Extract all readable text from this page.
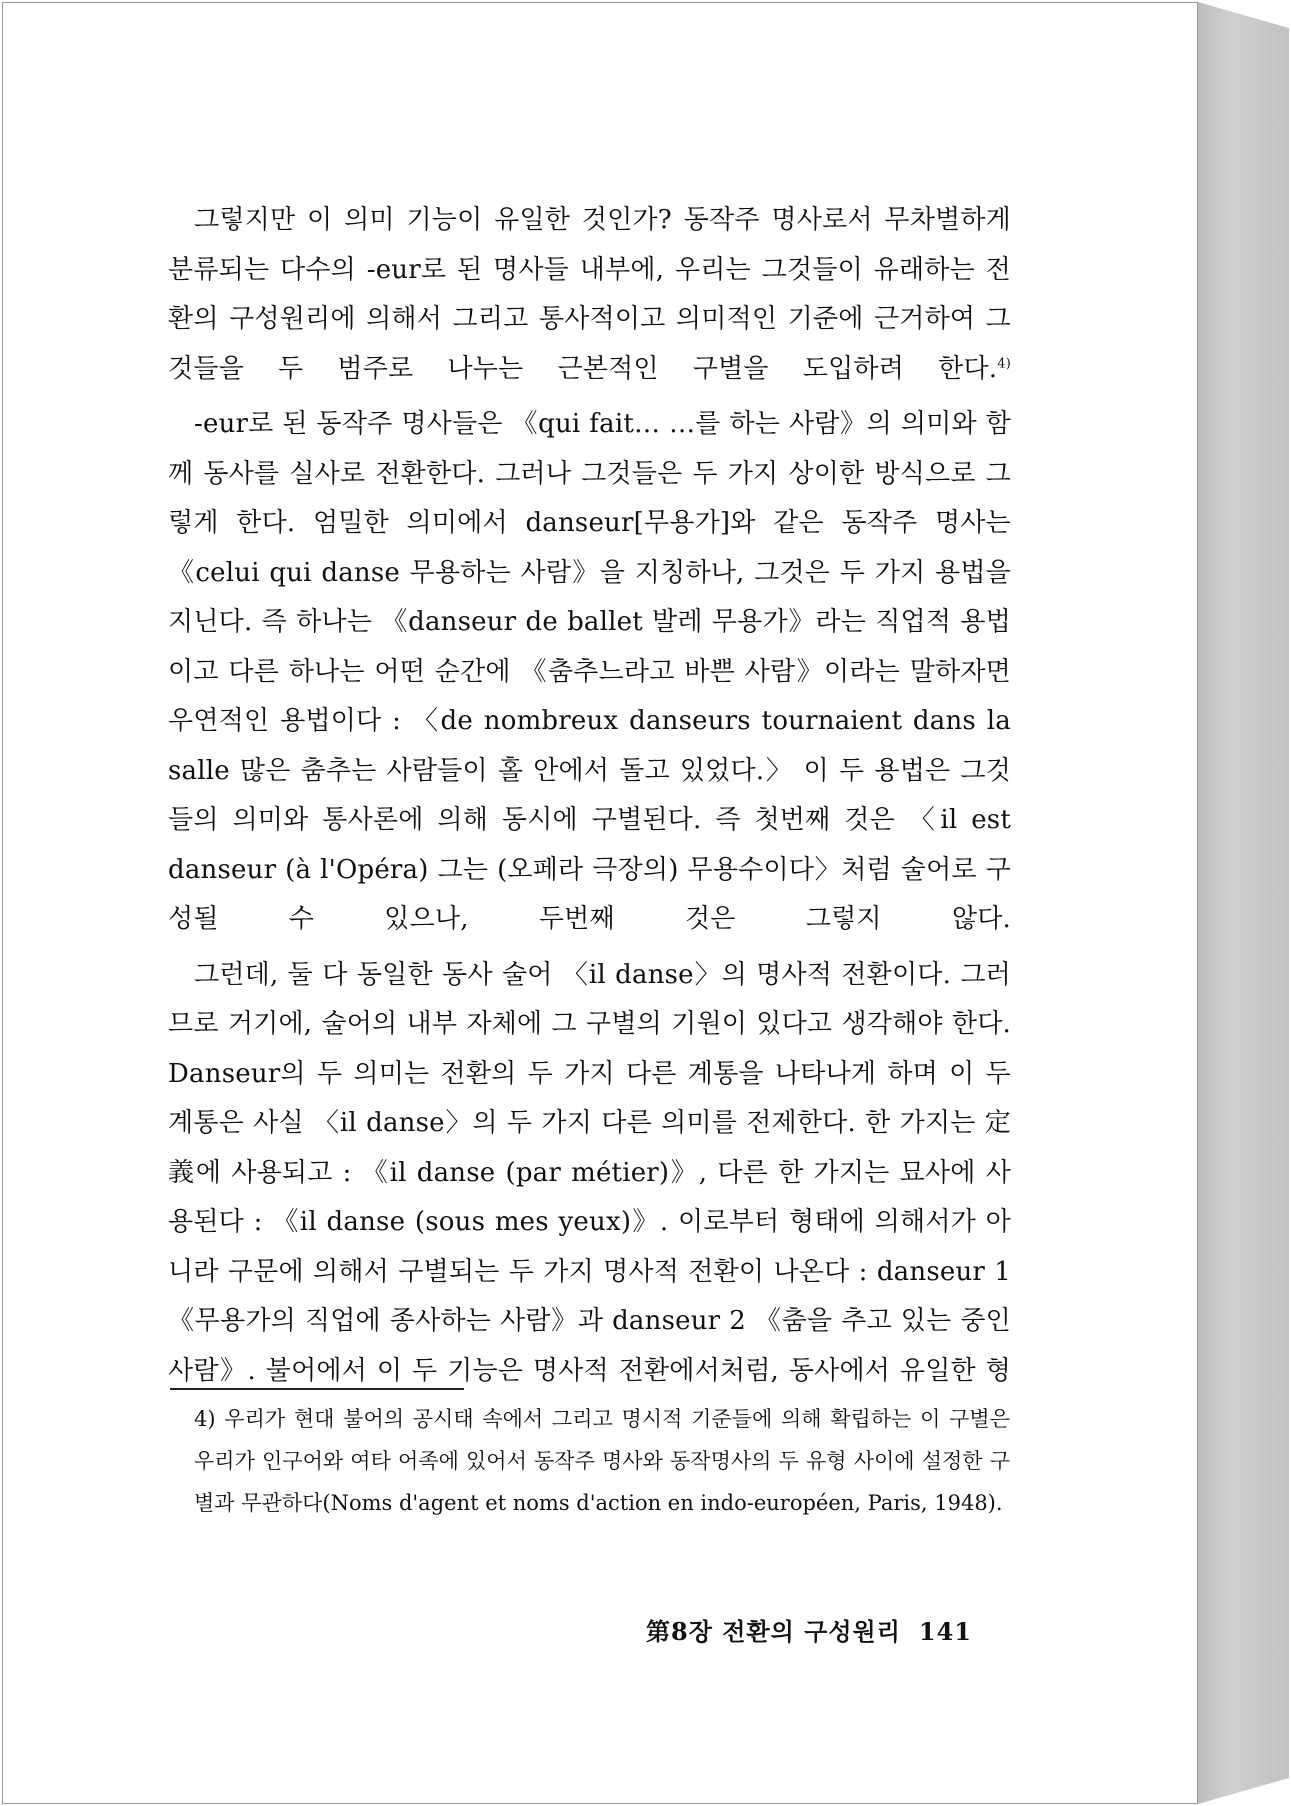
그렇지만 이 의미 기능이 유일한 것인가? 동작주 명사로서 무차별하게 분류되는 다수의 -eur로 된 명사들 내부에, 우리는 그것들이 유래하는 전환의 구성원리에 의해서 그리고 통사적이고 의미적인 기준에 근거하여 그것들을 두 범주로 나누는 근본적인 구별을 도입하려 한다.$^{4)}$

-eur로 된 동작주 명사들은 《qui fait… …를 하는 사람》의 의미와 함께 동사를 실사로 전환한다. 그러나 그것들은 두 가지 상이한 방식으로 그렇게 한다. 엄밀한 의미에서 danseur[무용가]와 같은 동작주 명사는 《celui qui danse 무용하는 사람》을 지칭하나, 그것은 두 가지 용법을 지닌다. 즉 하나는 《danseur de ballet 발레 무용가》라는 직업적 용법이고 다른 하나는 어떤 순간에 《춤추느라고 바쁜 사람》이라는 말하자면 우연적인 용법이다 : 〈de nombreux danseurs tournaient dans la salle 많은 춤추는 사람들이 홀 안에서 돌고 있었다.〉 이 두 용법은 그것들의 의미와 통사론에 의해 동시에 구별된다. 즉 첫번째 것은 〈il est danseur (à l'Opéra) 그는 (오페라 극장의) 무용수이다〉처럼 술어로 구성될 수 있으나, 두번째 것은 그렇지 않다.

그런데, 둘 다 동일한 동사 술어 〈il danse〉의 명사적 전환이다. 그러므로 거기에, 술어의 내부 자체에 그 구별의 기원이 있다고 생각해야 한다. Danseur의 두 의미는 전환의 두 가지 다른 계통을 나타나게 하며 이 두 계통은 사실 〈il danse〉의 두 가지 다른 의미를 전제한다. 한 가지는 定義에 사용되고 : 《il danse (par métier)》, 다른 한 가지는 묘사에 사용된다 : 《il danse (sous mes yeux)》. 이로부터 형태에 의해서가 아니라 구문에 의해서 구별되는 두 가지 명사적 전환이 나온다 : danseur 1 《무용가의 직업에 종사하는 사람》과 danseur 2 《춤을 추고 있는 중인사람》. 불어에서 이 두 기능은 명사적 전환에서처럼, 동사에서 유일한 형

4) 우리가 현대 불어의 공시태 속에서 그리고 명시적 기준들에 의해 확립하는 이 구별은 우리가 인구어와 여타 어족에 있어서 동작주 명사와 동작명사의 두 유형 사이에 설정한 구별과 무관하다(Noms d'agent et noms d'action en indo-européen, Paris, 1948).
第8장 전환의 구성원리 141
